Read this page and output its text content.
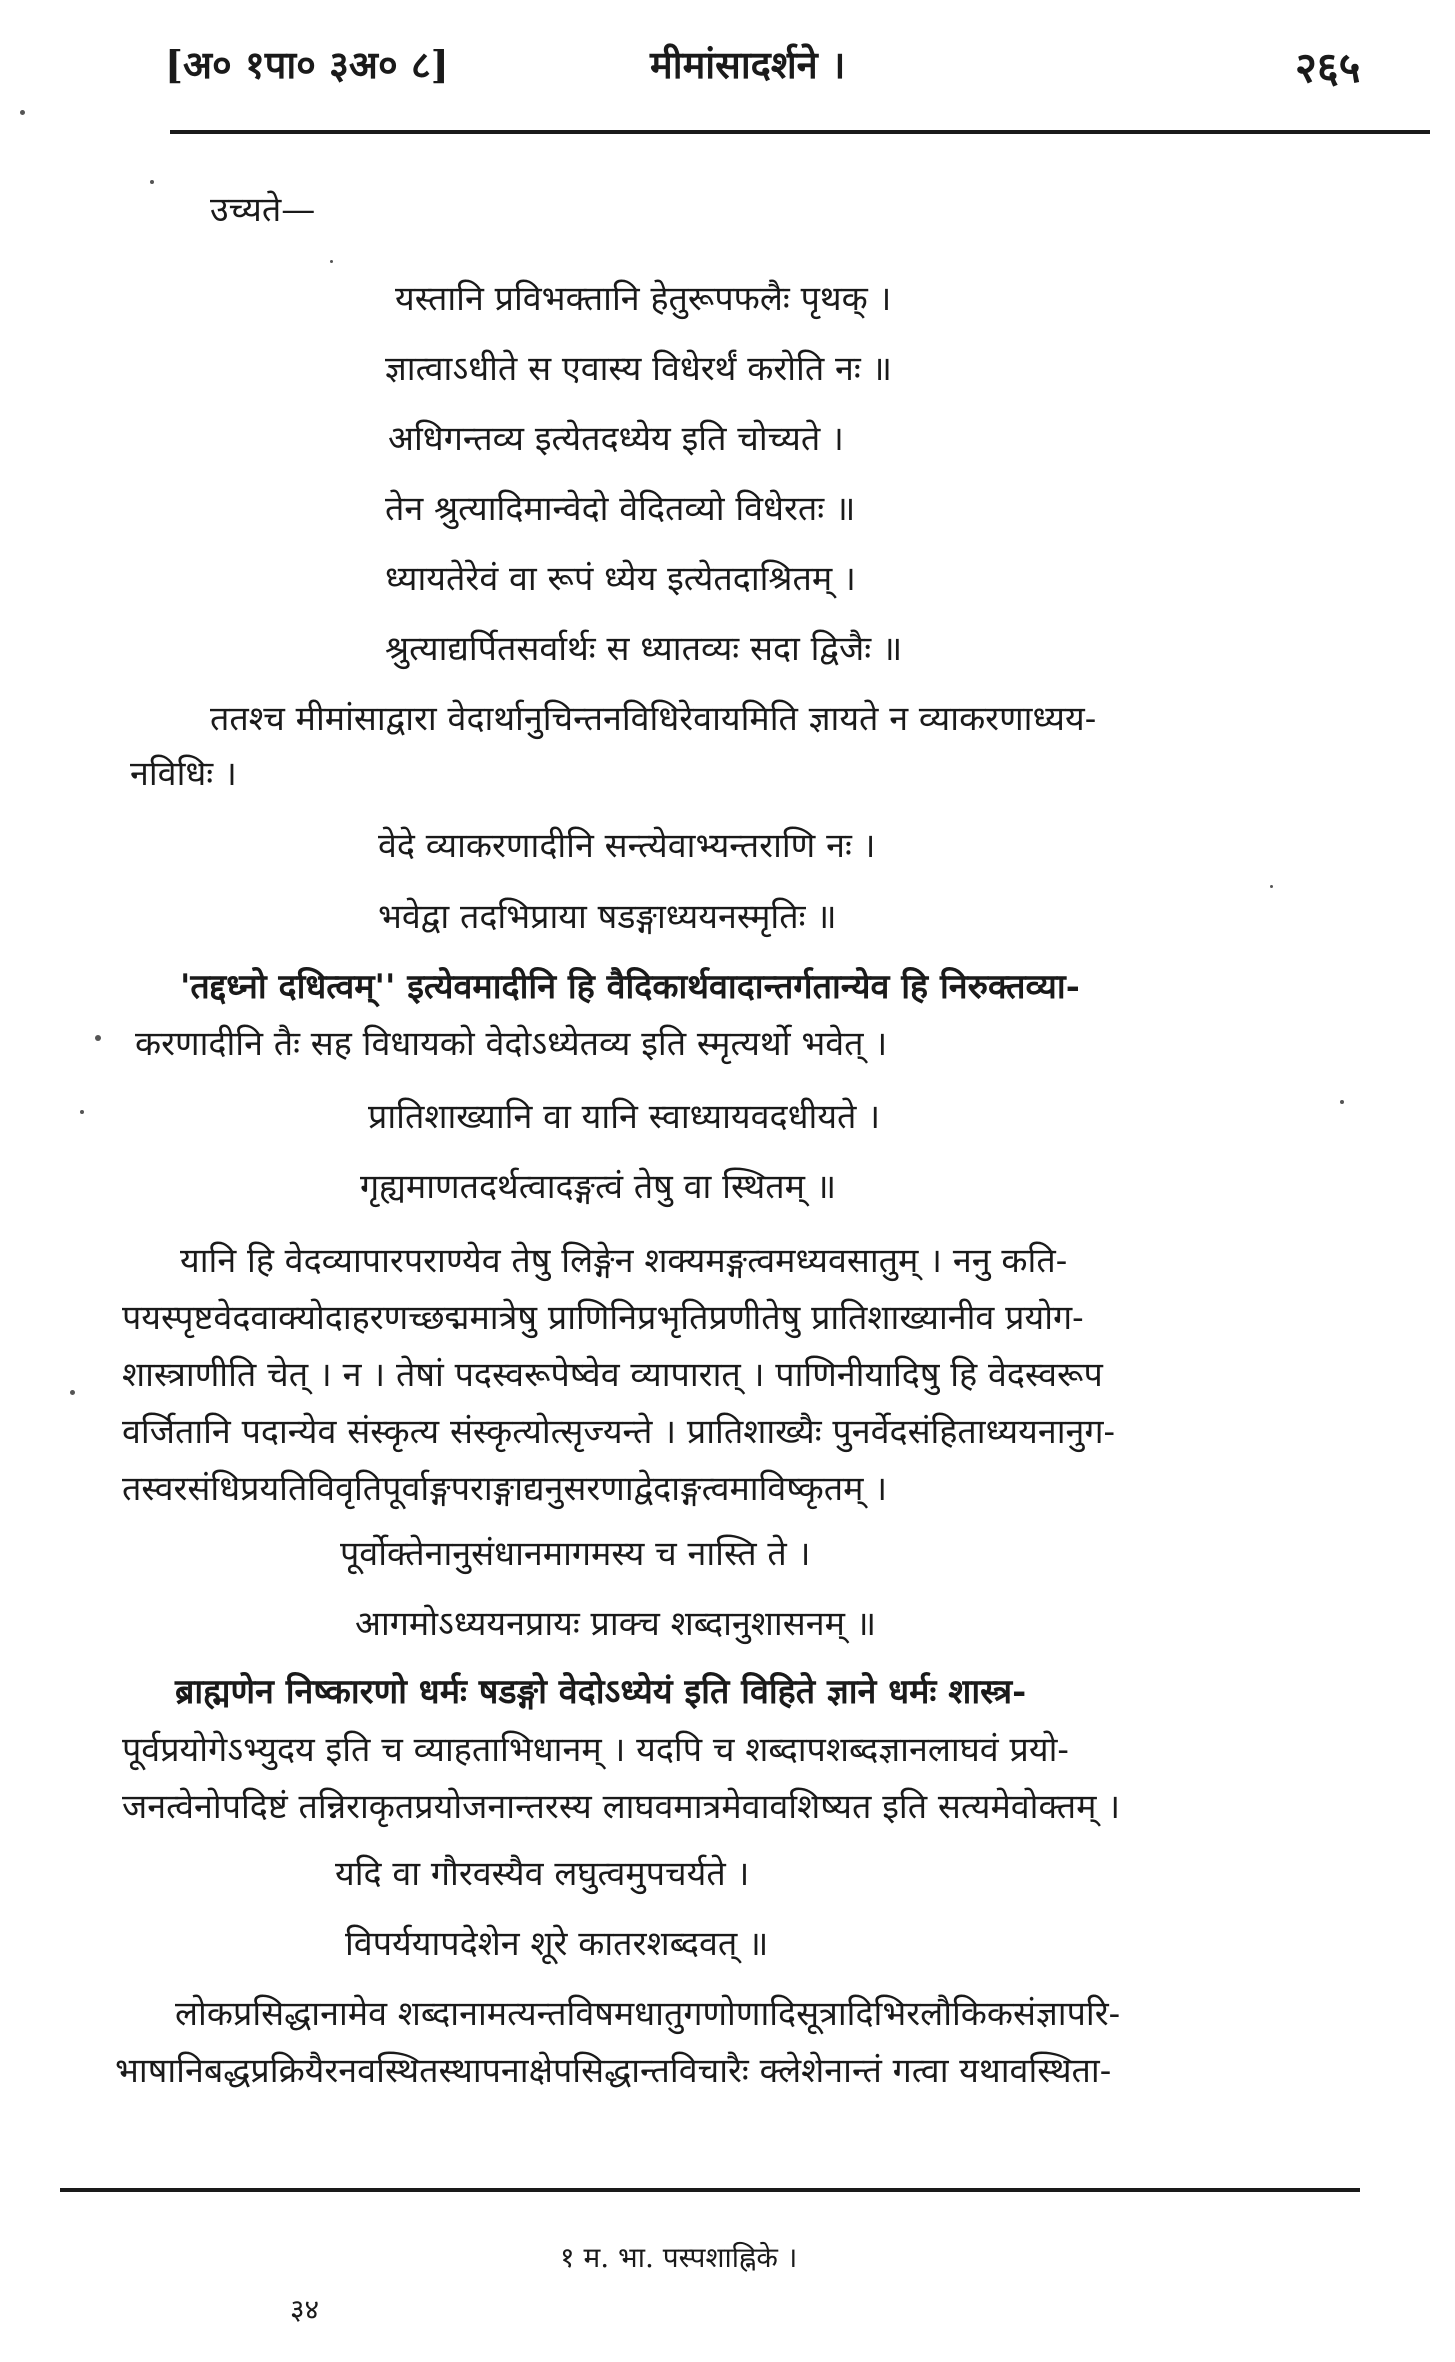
[अ० १पा० ३अ० ८]	मीमांसादर्शने ।	२६५
उच्यते—
यस्तानि प्रविभक्तानि हेतुरूपफलैः पृथक् ।
ज्ञात्वाऽधीते स एवास्य विधेरर्थं करोति नः ॥
अधिगन्तव्य इत्येतदध्येय इति चोच्यते ।
तेन श्रुत्यादिमान्वेदो वेदितव्यो विधेरतः ॥
ध्यायतेरेवं वा रूपं ध्येय इत्येतदाश्रितम् ।
श्रुत्याद्यर्पितसर्वार्थः स ध्यातव्यः सदा द्विजैः ॥
ततश्च मीमांसाद्वारा वेदार्थानुचिन्तनविधिरेवायमिति ज्ञायते न व्याकरणाध्यय-
नविधिः ।
वेदे व्याकरणादीनि सन्त्येवाभ्यन्तराणि नः ।
भवेद्वा तदभिप्राया षडङ्गाध्ययनस्मृतिः ॥
'तद्दध्नो दधित्वम्'' इत्येवमादीनि हि वैदिकार्थवादान्तर्गतान्येव हि निरुक्तव्या-
करणादीनि तैः सह विधायको वेदोऽध्येतव्य इति स्मृत्यर्थो भवेत् ।
प्रातिशाख्यानि वा यानि स्वाध्यायवदधीयते ।
गृह्यमाणतदर्थत्वादङ्गत्वं तेषु वा स्थितम् ॥
यानि हि वेदव्यापारपराण्येव तेषु लिङ्गेन शक्यमङ्गत्वमध्यवसातुम् । ननु कति-
पयस्पृष्टवेदवाक्योदाहरणच्छद्ममात्रेषु प्राणिनिप्रभृतिप्रणीतेषु प्रातिशाख्यानीव प्रयोग-
शास्त्राणीति चेत् । न । तेषां पदस्वरूपेष्वेव व्यापारात् । पाणिनीयादिषु हि वेदस्वरूप
वर्जितानि पदान्येव संस्कृत्य संस्कृत्योत्सृज्यन्ते । प्रातिशाख्यैः पुनर्वेदसंहिताध्ययनानुग-
तस्वरसंधिप्रयतिविवृतिपूर्वाङ्गपराङ्गाद्यनुसरणाद्वेदाङ्गत्वमाविष्कृतम् ।
पूर्वोक्तेनानुसंधानमागमस्य च नास्ति ते ।
आगमोऽध्ययनप्रायः प्राक्च शब्दानुशासनम् ॥
ब्राह्मणेन निष्कारणो धर्मः षडङ्गो वेदोऽध्येयं इति विहिते ज्ञाने धर्मः शास्त्र-
पूर्वप्रयोगेऽभ्युदय इति च व्याहताभिधानम् । यदपि च शब्दापशब्दज्ञानलाघवं प्रयो-
जनत्वेनोपदिष्टं तन्निराकृतप्रयोजनान्तरस्य लाघवमात्रमेवावशिष्यत इति सत्यमेवोक्तम् ।
यदि वा गौरवस्यैव लघुत्वमुपचर्यते ।
विपर्ययापदेशेन शूरे कातरशब्दवत् ॥
लोकप्रसिद्धानामेव शब्दानामत्यन्तविषमधातुगणोणादिसूत्रादिभिरलौकिकसंज्ञापरि-
भाषानिबद्धप्रक्रियैरनवस्थितस्थापनाक्षेपसिद्धान्तविचारैः क्लेशेनान्तं गत्वा यथावस्थिता-
१ म. भा. पस्पशाह्निके ।
३४
